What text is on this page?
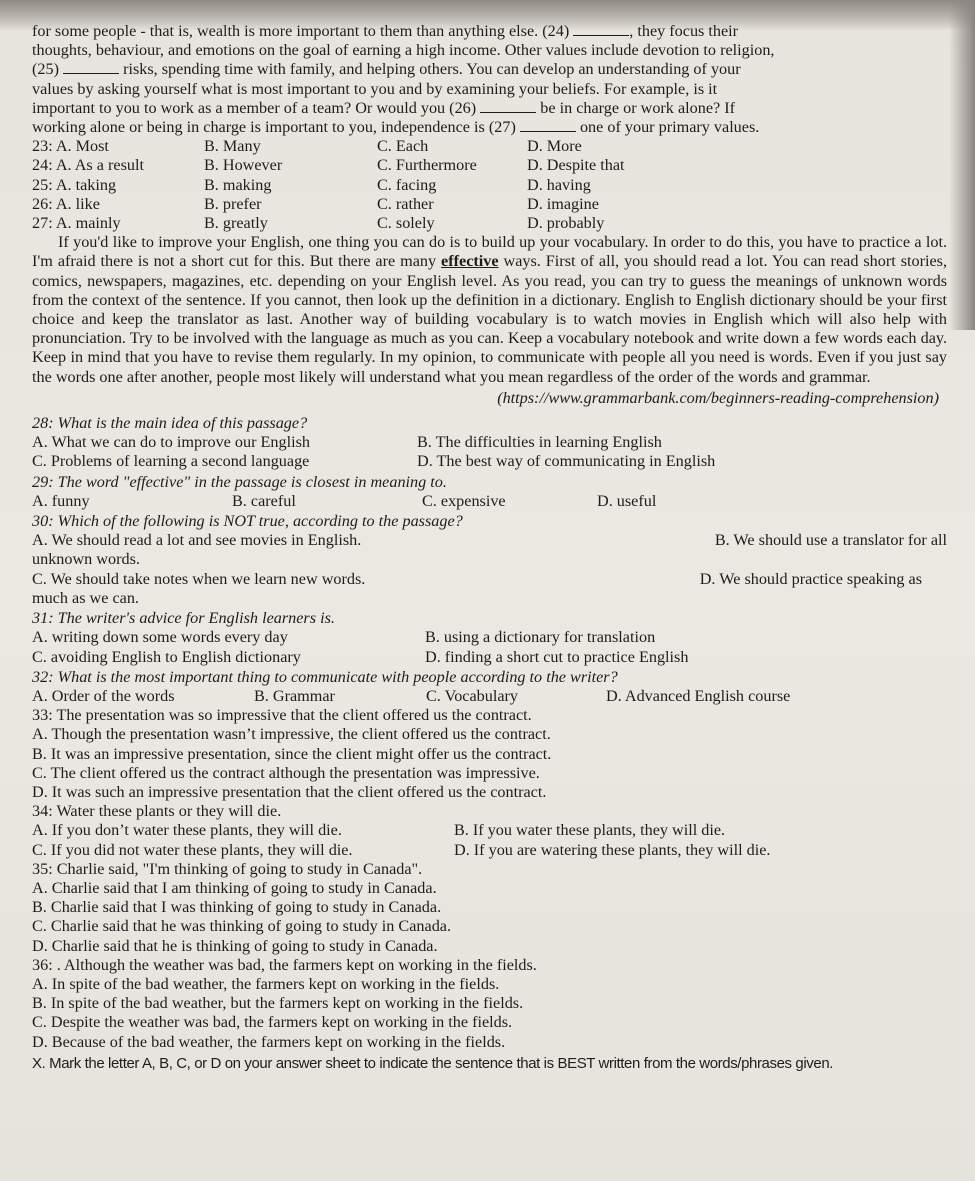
for some people - that is, wealth is more important to them than anything else. (24)	, they focus their

thoughts, behaviour, and emotions on the goal of earning a high income. Other values include devotion to religion,

(25)	risks, spending time with family, and helping others. You can develop an understanding of your

values by asking yourself what is most important to you and by examining your beliefs. For example, is it

important to you to work as a member of a team? Or would you (26)	be in charge or work alone? If

working alone or being in charge is important to you, independence is (27)	one of your primary values.

23: A. Most	B. Many	C. Each	D. More
24: A. As a result	B. However	C. Furthermore	D. Despite that
25: A. taking	B. making	C. facing	D. having
26: A. like	B. prefer	C. rather	D. imagine
27: A. mainly	B. greatly	C. solely	D. probably

If you'd like to improve your English, one thing you can do is to build up your vocabulary. In order to do this, you have to practice a lot. I'm afraid there is not a short cut for this. But there are many effective ways. First of all, you should read a lot. You can read short stories, comics, newspapers, magazines, etc. depending on your English level. As you read, you can try to guess the meanings of unknown words from the context of the sentence. If you cannot, then look up the definition in a dictionary. English to English dictionary should be your first choice and keep the translator as last. Another way of building vocabulary is to watch movies in English which will also help with pronunciation. Try to be involved with the language as much as you can. Keep a vocabulary notebook and write down a few words each day. Keep in mind that you have to revise them regularly. In my opinion, to communicate with people all you need is words. Even if you just say the words one after another, people most likely will understand what you mean regardless of the order of the words and grammar.

(https://www.grammarbank.com/beginners-reading-comprehension)

28: What is the main idea of this passage?

A. What we can do to improve our English	B. The difficulties in learning English
C. Problems of learning a second language	D. The best way of communicating in English

29: The word "effective" in the passage is closest in meaning to.

A. funny	B. careful	C. expensive	D. useful

30: Which of the following is NOT true, according to the passage?

A. We should read a lot and see movies in English.	B. We should use a translator for all

unknown words.

C. We should take notes when we learn new words.	D. We should practice speaking as

much as we can.

31: The writer's advice for English learners is.

A. writing down some words every day	B. using a dictionary for translation
C. avoiding English to English dictionary	D. finding a short cut to practice English

32: What is the most important thing to communicate with people according to the writer?

A. Order of the words	B. Grammar	C. Vocabulary	D. Advanced English course

33: The presentation was so impressive that the client offered us the contract.

A. Though the presentation wasn’t impressive, the client offered us the contract.

B. It was an impressive presentation, since the client might offer us the contract.

C. The client offered us the contract although the presentation was impressive.

D. It was such an impressive presentation that the client offered us the contract.

34: Water these plants or they will die.

A. If you don’t water these plants, they will die.	B. If you water these plants, they will die.
C. If you did not water these plants, they will die.	D. If you are watering these plants, they will die.

35: Charlie said, "I'm thinking of going to study in Canada".

A. Charlie said that I am thinking of going to study in Canada.

B. Charlie said that I was thinking of going to study in Canada.

C. Charlie said that he was thinking of going to study in Canada.

D. Charlie said that he is thinking of going to study in Canada.

36: . Although the weather was bad, the farmers kept on working in the fields.

A. In spite of the bad weather, the farmers kept on working in the fields.

B. In spite of the bad weather, but the farmers kept on working in the fields.

C. Despite the weather was bad, the farmers kept on working in the fields.

D. Because of the bad weather, the farmers kept on working in the fields.

X. Mark the letter A, B, C, or D on your answer sheet to indicate the sentence that is BEST written from the words/phrases given.
